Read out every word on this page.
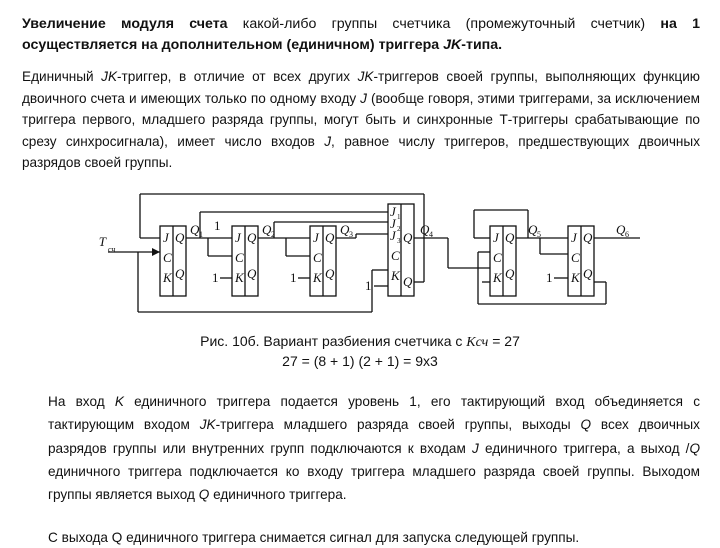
Увеличение модуля счета какой-либо группы счетчика (промежуточный счетчик) на 1 осуществляется на дополнительном (единичном) триггера JK-типа.
Единичный JK-триггер, в отличие от всех других JK-триггеров своей группы, выполняющих функцию двоичного счета и имеющих только по одному входу J (вообще говоря, этими триггерами, за исключением триггера первого, младшего разряда группы, могут быть и синхронные Т-триггеры срабатывающие по срезу синхросигнала), имеет число входов J, равное числу триггеров, предшествующих двоичных разрядов своей группы.
T
сч
J
C
K
Q
Q
J
C
K
Q
Q
J
C
K
Q
Q
J 1
J 2
J 3
C
K
Q
Q
J
C
K
Q
Q
J
C
K
Q
Q
Q 1	Q 2	Q 3	Q 4	Q 5	Q 6
1
1	1
1
1
Рис. 10б. Вариант разбиения счетчика с Kсч = 27
27 = (8 + 1) (2 + 1) = 9х3
На вход K единичного триггера подается уровень 1, его тактирующий вход объединяется с тактирующим входом JK-триггера младшего разряда своей группы, выходы Q всех двоичных разрядов группы или внутренних групп подключаются к входам J единичного триггера, а выход /Q единичного триггера подключается ко входу триггера младшего разряда своей группы. Выходом группы является выход Q единичного триггера.
С выхода Q единичного триггера снимается сигнал для запуска следующей группы.
